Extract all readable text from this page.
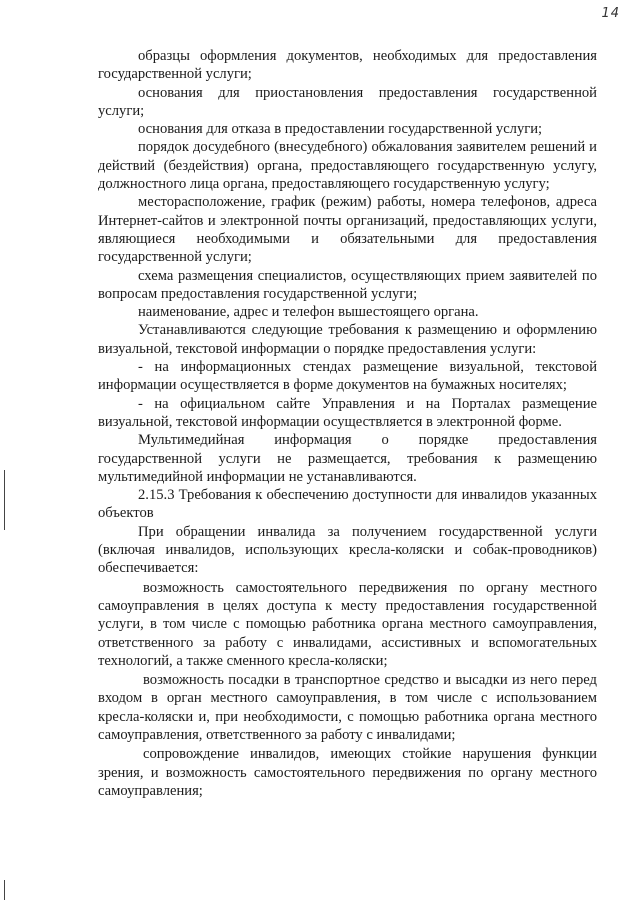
14

образцы оформления документов, необходимых для предоставления государственной услуги;

основания для приостановления предоставления государственной услуги;

основания для отказа в предоставлении государственной услуги;

порядок досудебного (внесудебного) обжалования заявителем решений и действий (бездействия) органа, предоставляющего государственную услугу, должностного лица органа, предоставляющего государственную услугу;

месторасположение, график (режим) работы, номера телефонов, адреса Интернет-сайтов и электронной почты организаций, предоставляющих услуги, являющиеся необходимыми и обязательными для предоставления государственной услуги;

схема размещения специалистов, осуществляющих прием заявителей по вопросам предоставления государственной услуги;

наименование, адрес и телефон вышестоящего органа.

Устанавливаются следующие требования к размещению и оформлению визуальной, текстовой информации о порядке предоставления услуги:

- на информационных стендах размещение визуальной, текстовой информации осуществляется в форме документов на бумажных носителях;

- на официальном сайте Управления и на Порталах размещение визуальной, текстовой информации осуществляется в электронной форме.

Мультимедийная информация о порядке предоставления государственной услуги не размещается, требования к размещению мультимедийной информации не устанавливаются.

2.15.3 Требования к обеспечению доступности для инвалидов указанных объектов

При обращении инвалида за получением государственной услуги (включая инвалидов, использующих кресла-коляски и собак-проводников) обеспечивается:

возможность самостоятельного передвижения по органу местного самоуправления в целях доступа к месту предоставления государственной услуги, в том числе с помощью работника органа местного самоуправления, ответственного за работу с инвалидами, ассистивных и вспомогательных технологий, а также сменного кресла-коляски;

возможность посадки в транспортное средство и высадки из него перед входом в орган местного самоуправления, в том числе с использованием кресла-коляски и, при необходимости, с помощью работника органа местного самоуправления, ответственного за работу с инвалидами;

сопровождение инвалидов, имеющих стойкие нарушения функции зрения, и возможность самостоятельного передвижения по органу местного самоуправления;
